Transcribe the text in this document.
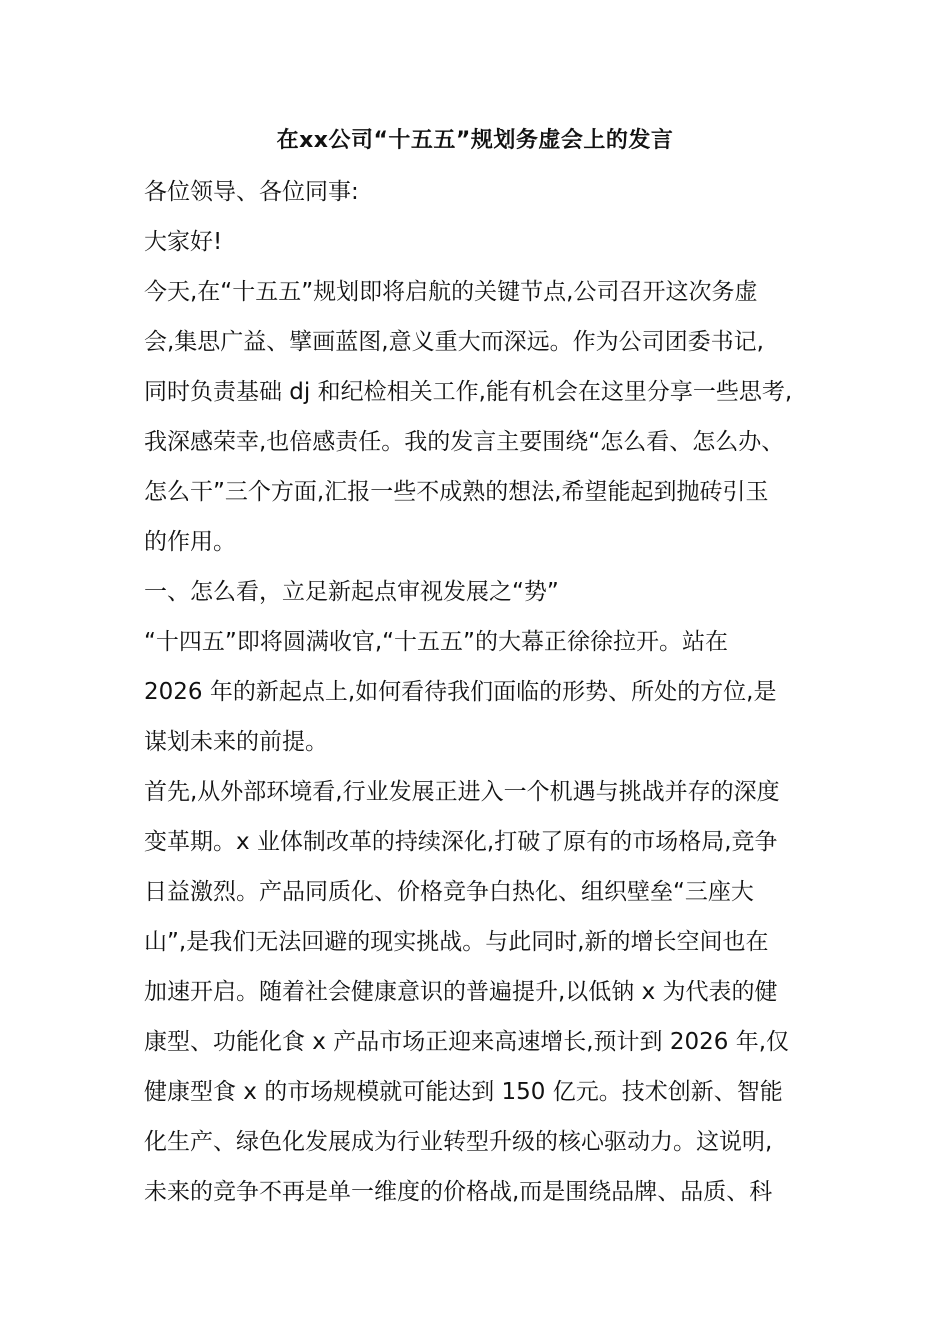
在xx公司“十五五”规划务虚会上的发言
各位领导、各位同事:
大家好!
今天,在“十五五”规划即将启航的关键节点,公司召开这次务虚
会,集思广益、擘画蓝图,意义重大而深远。作为公司团委书记,
同时负责基础 dj 和纪检相关工作,能有机会在这里分享一些思考,
我深感荣幸,也倍感责任。我的发言主要围绕“怎么看、怎么办、
怎么干”三个方面,汇报一些不成熟的想法,希望能起到抛砖引玉
的作用。
一、怎么看，立足新起点审视发展之“势”
“十四五”即将圆满收官,“十五五”的大幕正徐徐拉开。站在
2026 年的新起点上,如何看待我们面临的形势、所处的方位,是
谋划未来的前提。
首先,从外部环境看,行业发展正进入一个机遇与挑战并存的深度
变革期。x 业体制改革的持续深化,打破了原有的市场格局,竞争
日益激烈。产品同质化、价格竞争白热化、组织壁垒“三座大
山”,是我们无法回避的现实挑战。与此同时,新的增长空间也在
加速开启。随着社会健康意识的普遍提升,以低钠 x 为代表的健
康型、功能化食 x 产品市场正迎来高速增长,预计到 2026 年,仅
健康型食 x 的市场规模就可能达到 150 亿元。技术创新、智能
化生产、绿色化发展成为行业转型升级的核心驱动力。这说明,
未来的竞争不再是单一维度的价格战,而是围绕品牌、品质、科
